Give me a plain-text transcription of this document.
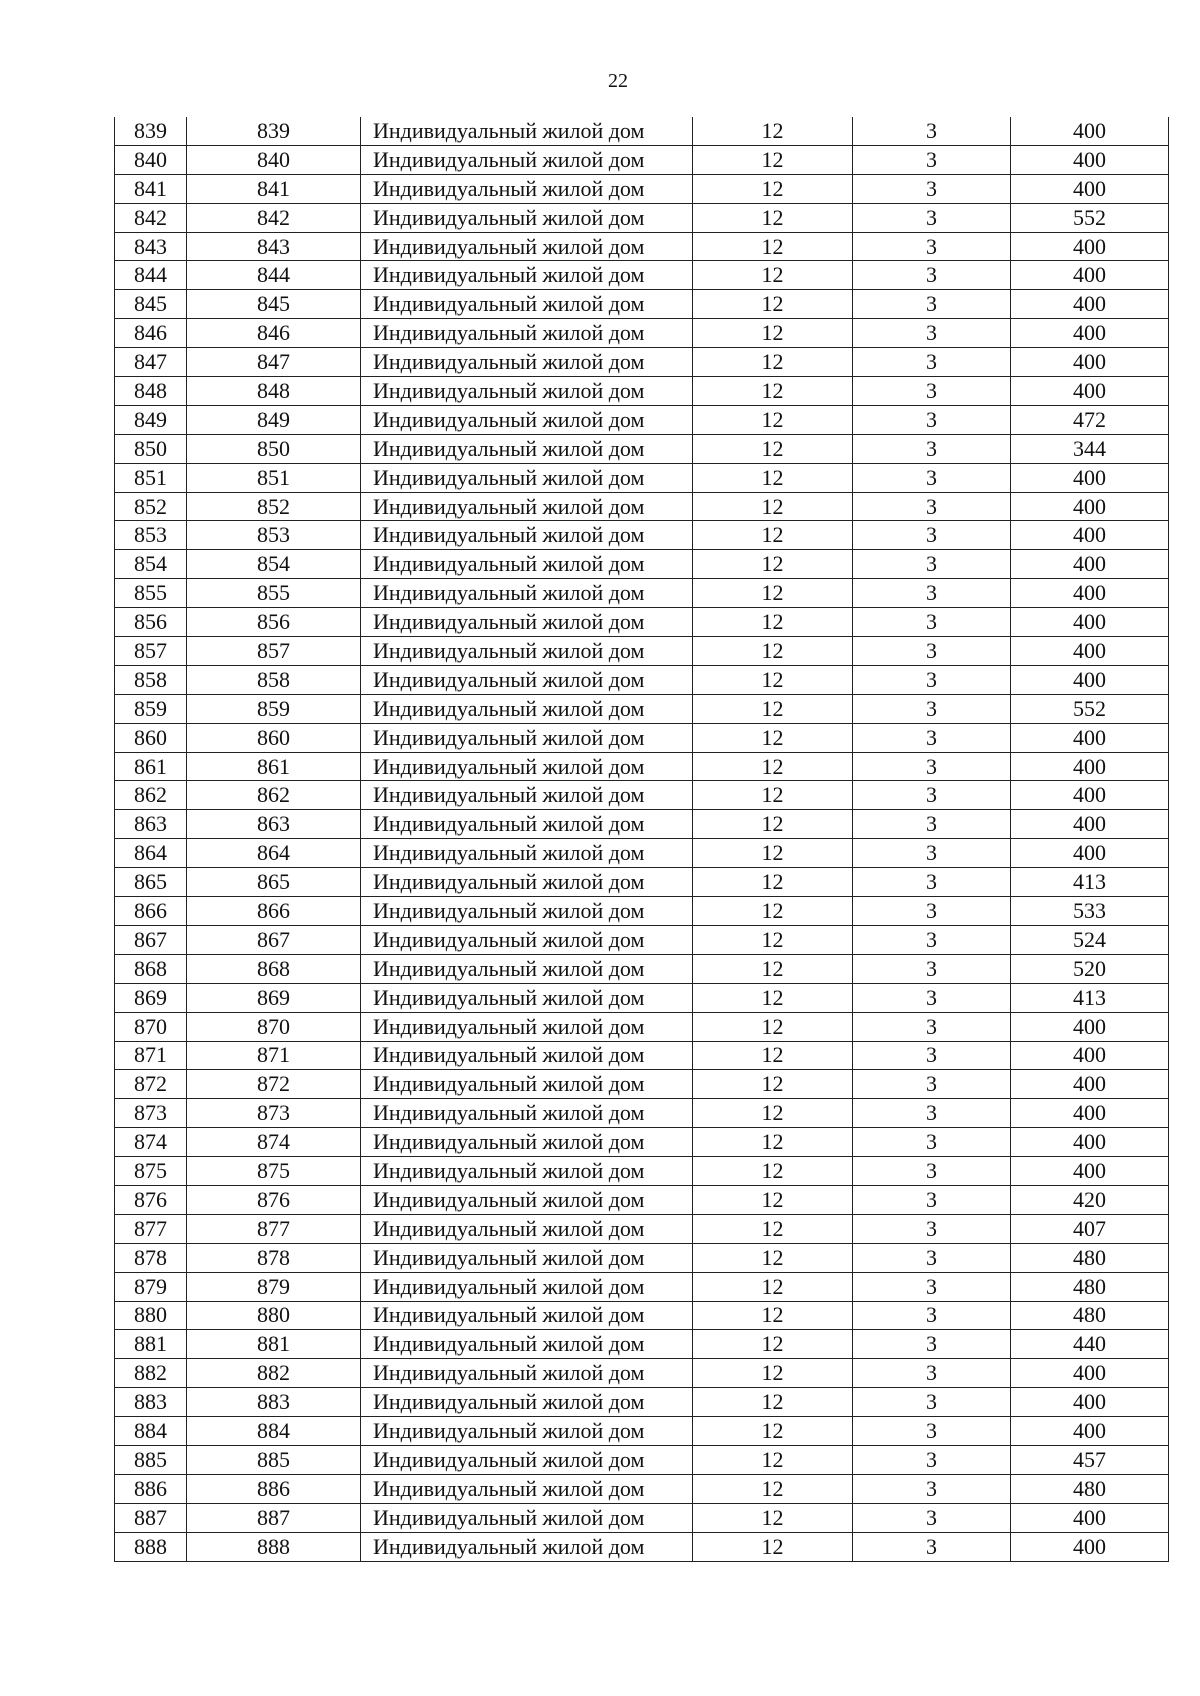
22
839	839	Индивидуальный жилой дом	12	3	400
840	840	Индивидуальный жилой дом	12	3	400
841	841	Индивидуальный жилой дом	12	3	400
842	842	Индивидуальный жилой дом	12	3	552
843	843	Индивидуальный жилой дом	12	3	400
844	844	Индивидуальный жилой дом	12	3	400
845	845	Индивидуальный жилой дом	12	3	400
846	846	Индивидуальный жилой дом	12	3	400
847	847	Индивидуальный жилой дом	12	3	400
848	848	Индивидуальный жилой дом	12	3	400
849	849	Индивидуальный жилой дом	12	3	472
850	850	Индивидуальный жилой дом	12	3	344
851	851	Индивидуальный жилой дом	12	3	400
852	852	Индивидуальный жилой дом	12	3	400
853	853	Индивидуальный жилой дом	12	3	400
854	854	Индивидуальный жилой дом	12	3	400
855	855	Индивидуальный жилой дом	12	3	400
856	856	Индивидуальный жилой дом	12	3	400
857	857	Индивидуальный жилой дом	12	3	400
858	858	Индивидуальный жилой дом	12	3	400
859	859	Индивидуальный жилой дом	12	3	552
860	860	Индивидуальный жилой дом	12	3	400
861	861	Индивидуальный жилой дом	12	3	400
862	862	Индивидуальный жилой дом	12	3	400
863	863	Индивидуальный жилой дом	12	3	400
864	864	Индивидуальный жилой дом	12	3	400
865	865	Индивидуальный жилой дом	12	3	413
866	866	Индивидуальный жилой дом	12	3	533
867	867	Индивидуальный жилой дом	12	3	524
868	868	Индивидуальный жилой дом	12	3	520
869	869	Индивидуальный жилой дом	12	3	413
870	870	Индивидуальный жилой дом	12	3	400
871	871	Индивидуальный жилой дом	12	3	400
872	872	Индивидуальный жилой дом	12	3	400
873	873	Индивидуальный жилой дом	12	3	400
874	874	Индивидуальный жилой дом	12	3	400
875	875	Индивидуальный жилой дом	12	3	400
876	876	Индивидуальный жилой дом	12	3	420
877	877	Индивидуальный жилой дом	12	3	407
878	878	Индивидуальный жилой дом	12	3	480
879	879	Индивидуальный жилой дом	12	3	480
880	880	Индивидуальный жилой дом	12	3	480
881	881	Индивидуальный жилой дом	12	3	440
882	882	Индивидуальный жилой дом	12	3	400
883	883	Индивидуальный жилой дом	12	3	400
884	884	Индивидуальный жилой дом	12	3	400
885	885	Индивидуальный жилой дом	12	3	457
886	886	Индивидуальный жилой дом	12	3	480
887	887	Индивидуальный жилой дом	12	3	400
888	888	Индивидуальный жилой дом	12	3	400
